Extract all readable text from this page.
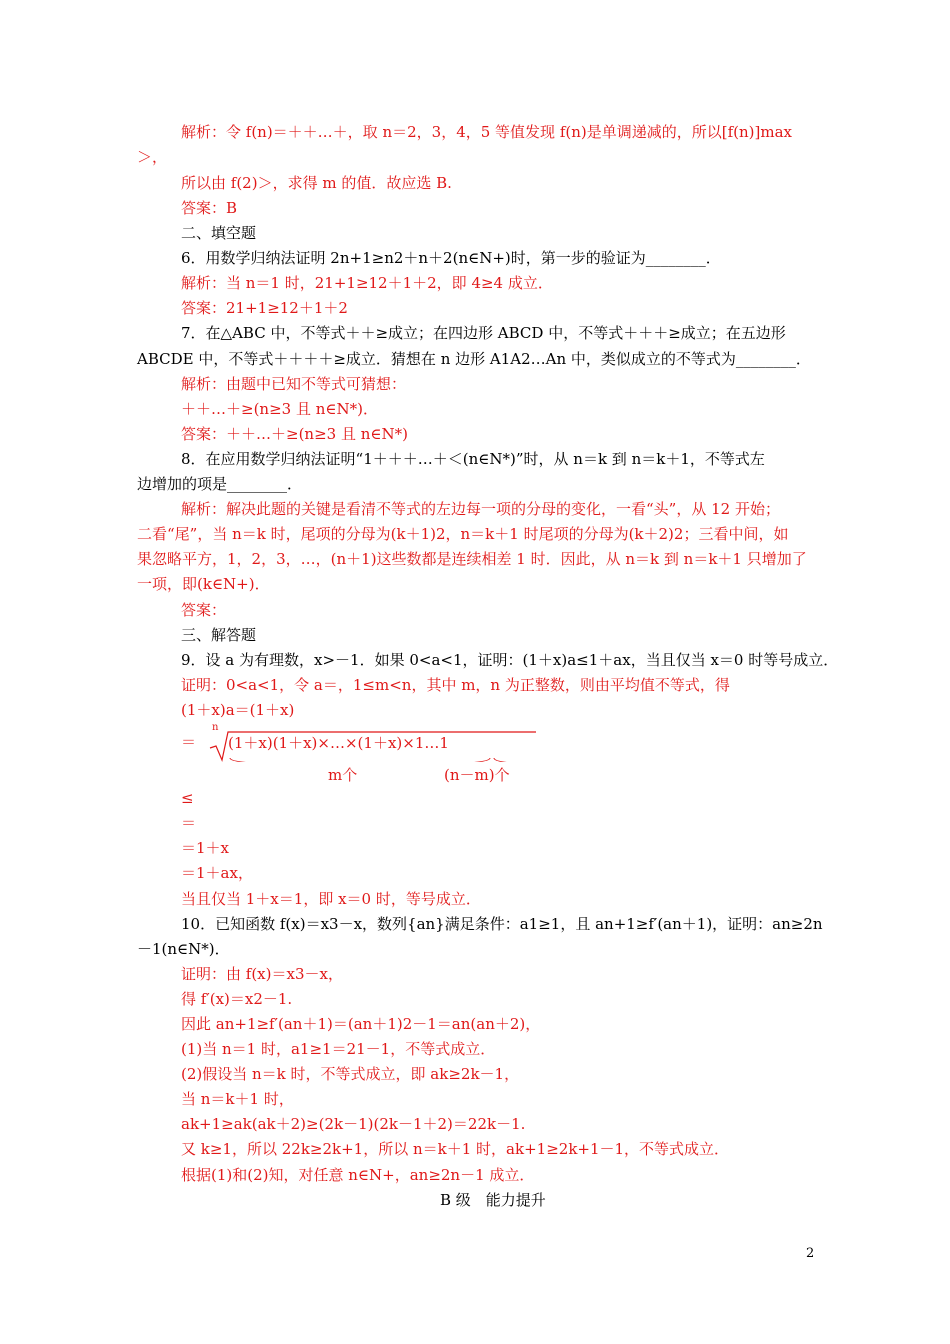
解析：令 f(n)＝＋＋…＋，取 n＝2，3，4，5 等值发现 f(n)是单调递减的，所以[f(n)]max
＞，
所以由 f(2)＞，求得 m 的值．故应选 B.
答案：B
二、填空题
6．用数学归纳法证明 2n+1≥n2＋n＋2(n∈N+)时，第一步的验证为________．
解析：当 n＝1 时，21+1≥12＋1＋2，即 4≥4 成立．
答案：21+1≥12＋1＋2
7．在△ABC 中，不等式＋＋≥成立；在四边形 ABCD 中，不等式＋＋＋≥成立；在五边形
ABCDE 中，不等式＋＋＋＋≥成立．猜想在 n 边形 A1A2…An 中，类似成立的不等式为________．
解析：由题中已知不等式可猜想：
＋＋…＋≥(n≥3 且 n∈N*)．
答案：＋＋…＋≥(n≥3 且 n∈N*)
8．在应用数学归纳法证明“1＋＋＋…＋＜(n∈N*)”时，从 n＝k 到 n＝k＋1，不等式左
边增加的项是________．
解析：解决此题的关键是看清不等式的左边每一项的分母的变化，一看“头”，从 12 开始；
二看“尾”，当 n＝k 时，尾项的分母为(k＋1)2，n＝k＋1 时尾项的分母为(k＋2)2；三看中间，如
果忽略平方，1，2，3，…，(n＋1)这些数都是连续相差 1 时．因此，从 n＝k 到 n＝k＋1 只增加了
一项，即(k∈N+)．
答案：
三、解答题
9．设 a 为有理数，x>－1．如果 0<a<1，证明：(1＋x)a≤1＋ax，当且仅当 x＝0 时等号成立．
证明：0<a<1，令 a＝，1≤m<n，其中 m，n 为正整数，则由平均值不等式，得
(1＋x)a＝(1＋x)
＝
≤
＝
＝1＋x
＝1＋ax，
当且仅当 1＋x＝1，即 x＝0 时，等号成立．
10．已知函数 f(x)＝x3－x，数列{an}满足条件：a1≥1，且 an+1≥f′(an＋1)，证明：an≥2n
－1(n∈N*)．
证明：由 f(x)＝x3－x，
得 f′(x)＝x2－1.
因此 an+1≥f′(an＋1)＝(an＋1)2－1＝an(an＋2)，
(1)当 n＝1 时，a1≥1＝21－1，不等式成立．
(2)假设当 n＝k 时，不等式成立，即 ak≥2k－1，
当 n＝k＋1 时，
ak+1≥ak(ak＋2)≥(2k－1)(2k－1＋2)＝22k－1.
又 k≥1，所以 22k≥2k+1，所以 n＝k＋1 时，ak+1≥2k+1－1，不等式成立．
根据(1)和(2)知，对任意 n∈N+，an≥2n－1 成立．
B 级　能力提升
n
(1＋x)(1＋x)×…×(1＋x)×1…1
m个	(n－m)个
2
